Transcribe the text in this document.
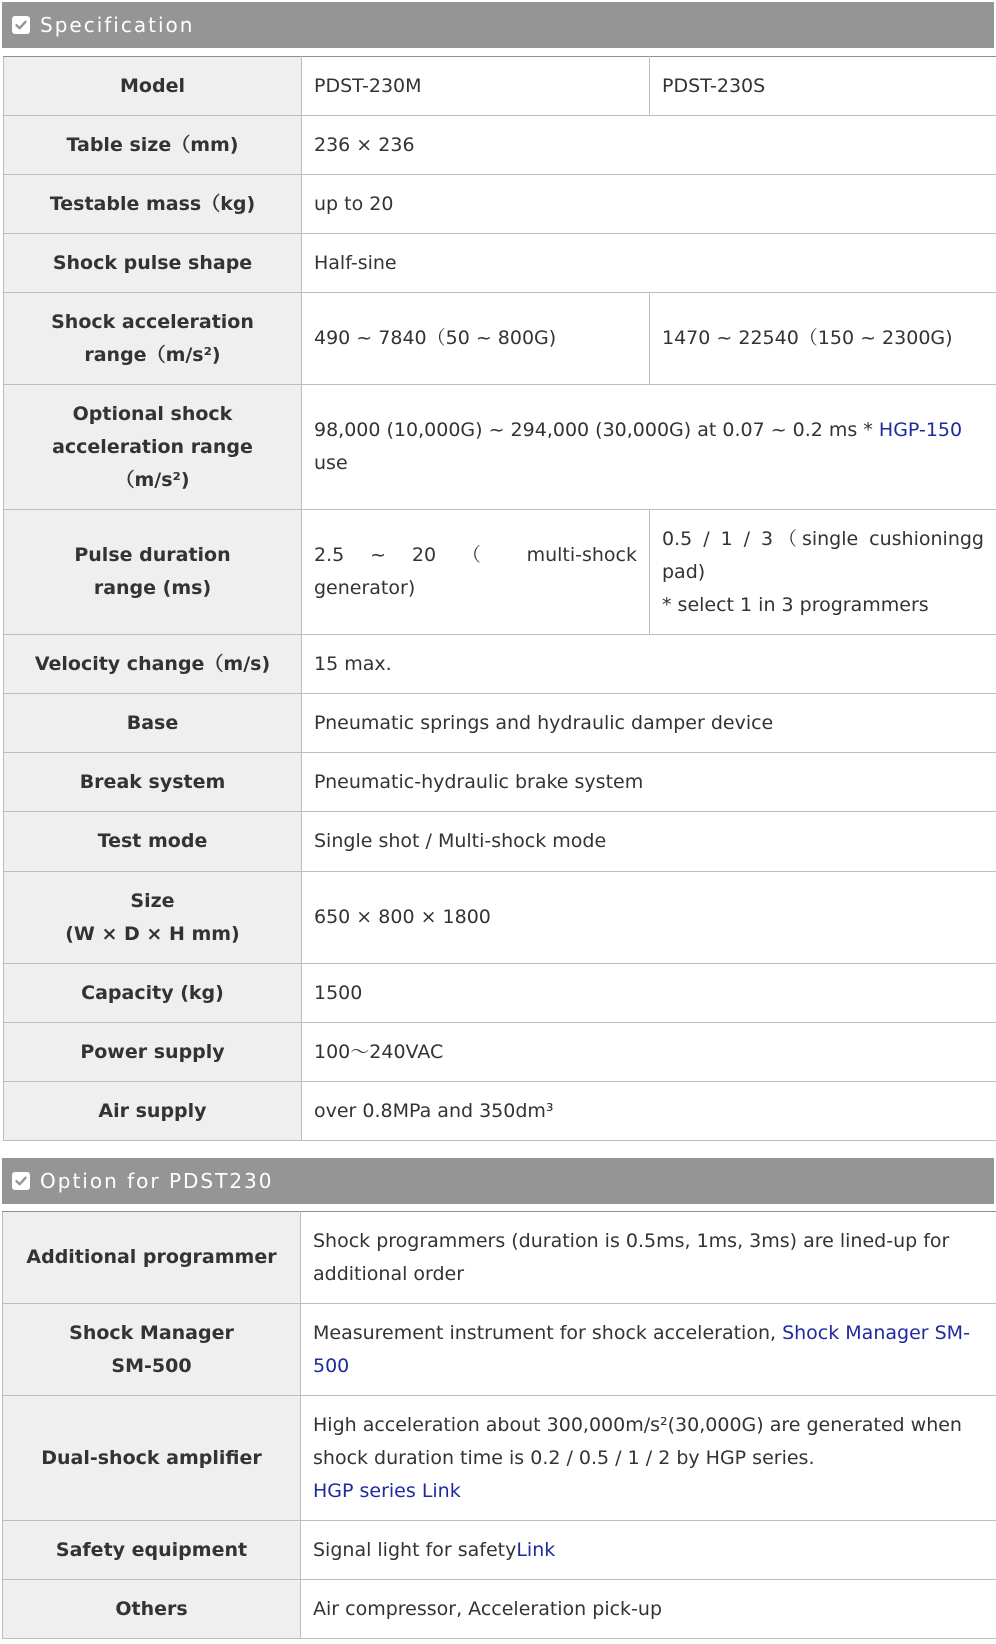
Specification
Model	PDST-230M	PDST-230S
Table size（mm)	236 × 236	
Testable mass（kg)	up to 20	
Shock pulse shape	Half-sine	
Shock acceleration
range（m/s²)	490 ~ 7840（50 ~ 800G)	1470 ~ 22540（150 ~ 2300G)
Optional shock
acceleration range
（m/s²)	98,000 (10,000G) ~ 294,000 (30,000G) at 0.07 ~ 0.2 ms * HGP-150 use	
Pulse duration
range (ms)	2.5 ~ 20 （ multi-shock generator)	0.5 / 1 / 3（single cushioningg pad)
* select 1 in 3 programmers

Velocity change（m/s)	15 max.	
Base	Pneumatic springs and hydraulic damper device	
Break system	Pneumatic-hydraulic brake system	
Test mode	Single shot / Multi-shock mode	
Size
(W × D × H mm)	650 × 800 × 1800	
Capacity (kg)	1500	
Power supply	100～240VAC	
Air supply	over 0.8MPa and 350dm³	
Option for PDST230
Additional programmer	Shock programmers (duration is 0.5ms, 1ms, 3ms) are lined-up for additional order
Shock Manager
SM-500	Measurement instrument for shock acceleration, Shock Manager SM-500
Dual-shock amplifier	High acceleration about 300,000m/s²(30,000G) are generated when shock duration time is 0.2 / 0.5 / 1 / 2 by HGP series.
HGP series Link
Safety equipment	Signal light for safetyLink
Others	Air compressor, Acceleration pick-up
